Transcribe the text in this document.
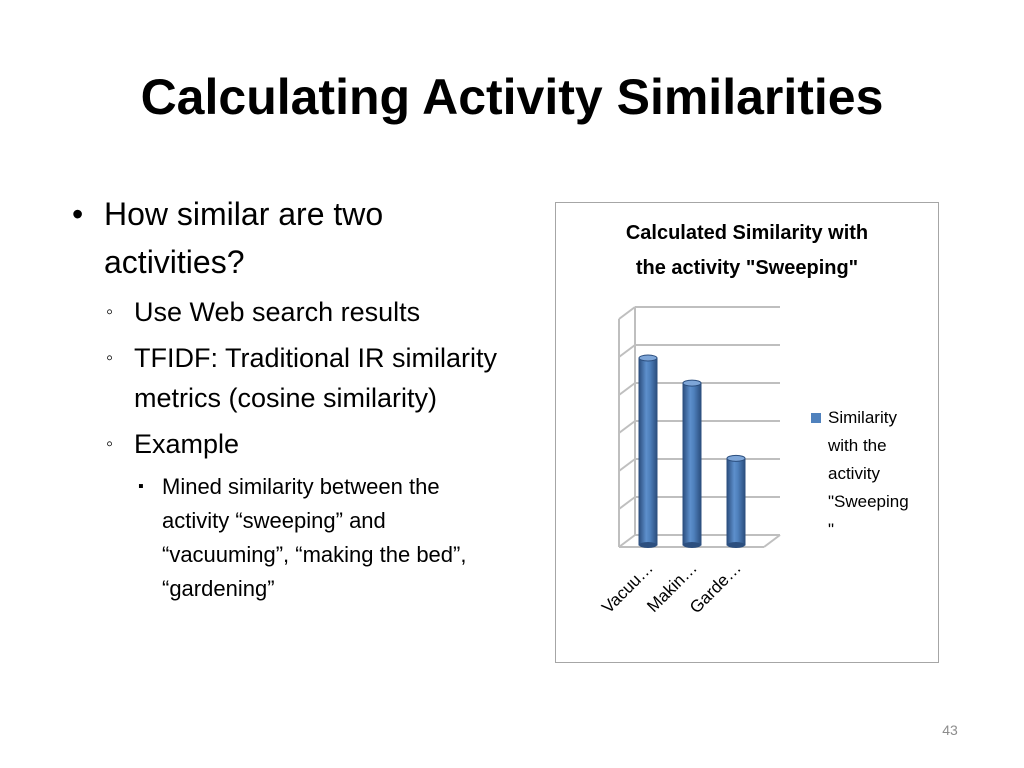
Calculating Activity Similarities
• How similar are two activities?
◦ Use Web search results
◦ TFIDF: Traditional IR similarity metrics (cosine similarity)
◦ Example
▪ Mined similarity between the activity “sweeping” and “vacuuming”, “making the bed”, “gardening”
Calculated Similarity with
the activity "Sweeping"
Vacuu…
Makin…
Garde…
Similarity
with the
activity
"Sweeping
"
43
